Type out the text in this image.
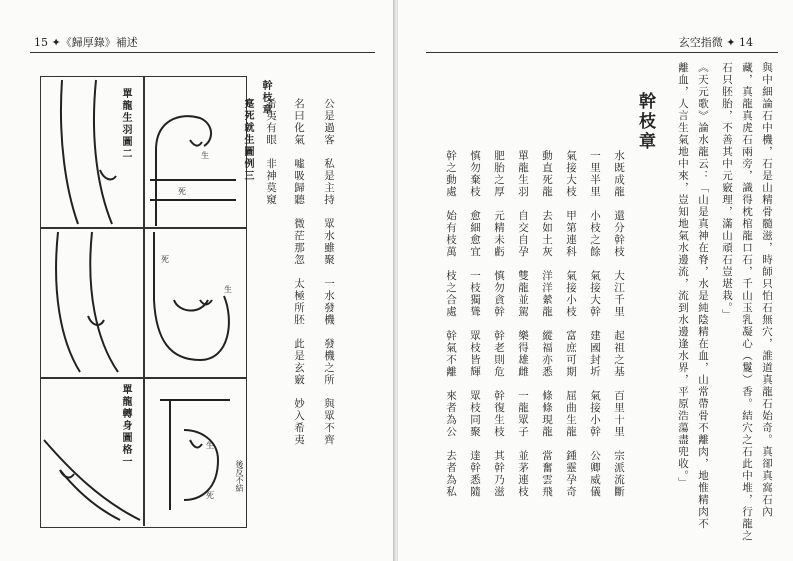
15 ✦《歸厚錄》補述
公是過客　私是主持　眾水雖聚　一水發機　發機之所　與眾不齊
名曰化氣　噓吸歸聽　微茫那忽　太極所胚　此是玄竅　妙入希夷
希夷有眼　非神莫窺
單龍生羽圖二	幹枝章
寔死就生圖例三
單龍轉身圖格一
生
死
死
生
生
死
後反不結
玄空指微 ✦ 14
與中細論石中機，石是山精骨髓滋，時師只怕石無穴，誰道真龍石始奇。真卻真窩石內
藏，真龍真虎石兩旁，識得枕棺龍口石，千山玉乳凝心（鬉）香。結穴之石此中堆，行龍之
石只胚胎，不善其中元竅理，滿山頑石豈堪栽。」
《天元歌》論水龍云：「山是真神在脊，水是純陰精在血，山常帶骨不離肉，地惟精肉不
離血，人言生氣地中來，豈知地氣水邊流，流到水邊逢水界，平原浩蕩盡兜收。」
幹枝章
水既成龍　還分幹枝　大江千里　起祖之基　百里十里　宗派流斷
一里半里　小枝之餘　氣接大幹　建國封圻　氣接小幹　公卿威儀
氣接大枝　甲第連科　氣接小枝　富庶可期　屈曲生龍　鍾靈孕奇
動直死龍　去如土灰　洋洋縈龍　縱福亦悉　條條現龍　當奮雲飛
單龍生羽　自交自孕　雙龍並駕　樂得雄雌　一龍眾子　並茅連枝
肥胎之厚　元精未虧　慎勿貪幹　幹老則危　幹復生枝　其幹乃滋
慎勿棄枝　愈細愈宜　一枝獨聳　眾枝皆輝　眾枝同聚　達幹悉隨
幹之動處　始有枝萬　枝之合處　幹氣不離　來者為公　去者為私
